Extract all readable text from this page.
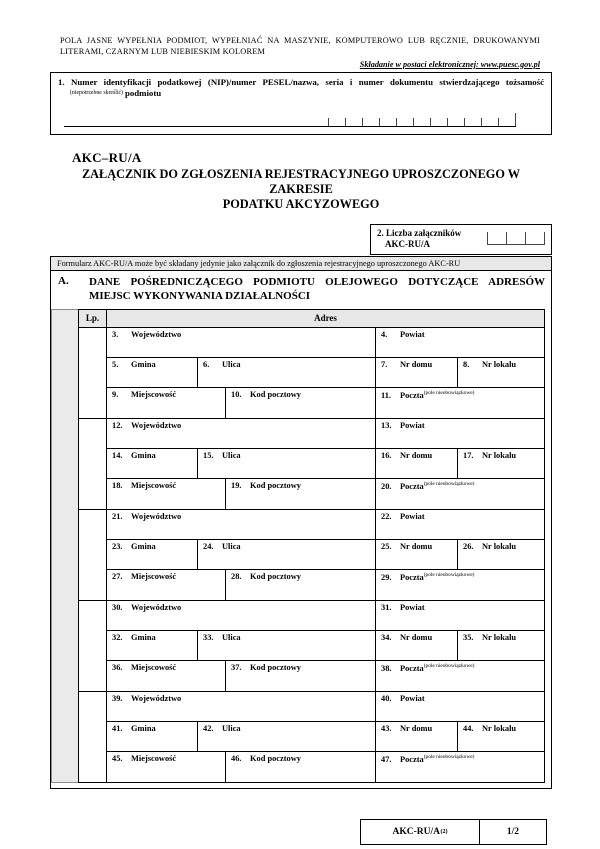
POLA JASNE WYPEŁNIA PODMIOT, WYPEŁNIAĆ NA MASZYNIE, KOMPUTEROWO LUB RĘCZNIE, DRUKOWANYMI
LITERAMI, CZARNYM LUB NIEBIESKIM KOLOREM
Składanie w postaci elektronicznej: www.puesc.gov.pl
1. Numer identyfikacji podatkowej (NIP)/numer PESEL/nazwa, seria i numer dokumentu stwierdzającego tożsamość
$^{(niepotrzebne skreślić)}$ podmiotu
AKC–RU/A
ZAŁĄCZNIK DO ZGŁOSZENIA REJESTRACYJNEGO UPROSZCZONEGO W ZAKRESIE
PODATKU AKCYZOWEGO
2. Liczba załączników
AKC-RU/A
Formularz AKC-RU/A może być składany jedynie jako załącznik do zgłoszenia rejestracyjnego uproszczonego AKC-RU
A.	DANE POŚREDNICZĄCEGO PODMIOTU OLEJOWEGO DOTYCZĄCE ADRESÓW
MIEJSC WYKONYWANIA DZIAŁALNOŚCI
Lp.	Adres
3. Województwo	4. Powiat
5. Gmina	6. Ulica	7. Nr domu	8. Nr lokalu
9. Miejscowość	10. Kod pocztowy	11. Poczta$^{(pole nieobowiązkowe)}$
12. Województwo	13. Powiat
14. Gmina	15. Ulica	16. Nr domu	17. Nr lokalu
18. Miejscowość	19. Kod pocztowy	20. Poczta$^{(pole nieobowiązkowe)}$
21. Województwo	22. Powiat
23. Gmina	24. Ulica	25. Nr domu	26. Nr lokalu
27. Miejscowość	28. Kod pocztowy	29. Poczta$^{(pole nieobowiązkowe)}$
30. Województwo	31. Powiat
32. Gmina	33. Ulica	34. Nr domu	35. Nr lokalu
36. Miejscowość	37. Kod pocztowy	38. Poczta$^{(pole nieobowiązkowe)}$
39. Województwo	40. Powiat
41. Gmina	42. Ulica	43. Nr domu	44. Nr lokalu
45. Miejscowość	46. Kod pocztowy	47. Poczta$^{(pole nieobowiązkowe)}$
AKC-RU/A (2)	1/2
